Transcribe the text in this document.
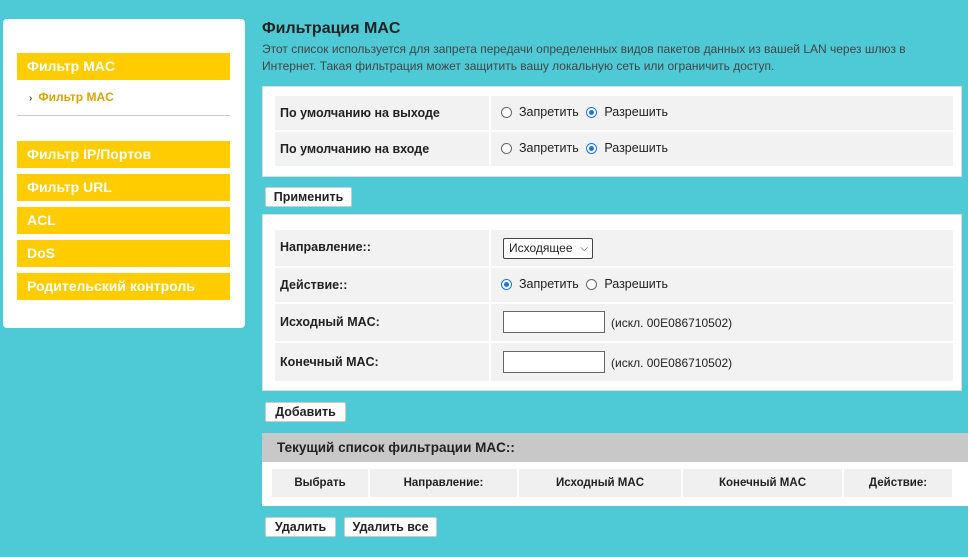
Фильтр MAC
› Фильтр MAC
Фильтр IP/Портов
Фильтр URL
ACL
DoS
Родительский контроль
Фильтрация MAC
Этот список используется для запрета передачи определенных видов пакетов данных из вашей LAN через шлюз в Интернет. Такая фильтрация может защитить вашу локальную сеть или ограничить доступ.
По умолчанию на выходе	Запретить
Разрешить
По умолчанию на входе	Запретить
Разрешить
Применить
Направление::	Исходящее ⌵
Действие::	Запретить
Разрешить
Исходный MAC:	(искл. 00E086710502)
Конечный MAC:	(искл. 00E086710502)
Добавить
Текущий список фильтрации MAC::
Выбрать	Направление:	Исходный MAC	Конечный MAC	Действие:
Удалить	Удалить все
